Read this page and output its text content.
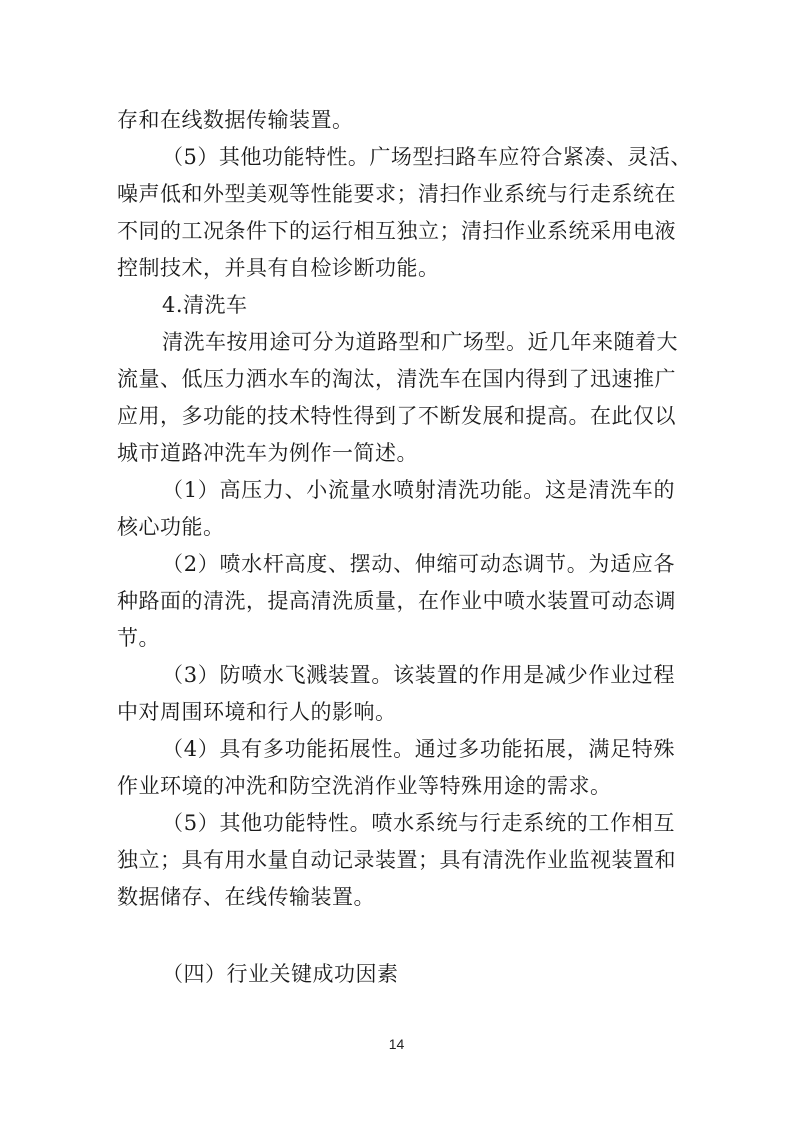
存和在线数据传输装置。
（5）其他功能特性。广场型扫路车应符合紧凑、灵活、
噪声低和外型美观等性能要求；清扫作业系统与行走系统在
不同的工况条件下的运行相互独立；清扫作业系统采用电液
控制技术，并具有自检诊断功能。
4.清洗车
清洗车按用途可分为道路型和广场型。近几年来随着大
流量、低压力洒水车的淘汰，清洗车在国内得到了迅速推广
应用，多功能的技术特性得到了不断发展和提高。在此仅以
城市道路冲洗车为例作一简述。
（1）高压力、小流量水喷射清洗功能。这是清洗车的
核心功能。
（2）喷水杆高度、摆动、伸缩可动态调节。为适应各
种路面的清洗，提高清洗质量，在作业中喷水装置可动态调
节。
（3）防喷水飞溅装置。该装置的作用是减少作业过程
中对周围环境和行人的影响。
（4）具有多功能拓展性。通过多功能拓展，满足特殊
作业环境的冲洗和防空洗消作业等特殊用途的需求。
（5）其他功能特性。喷水系统与行走系统的工作相互
独立；具有用水量自动记录装置；具有清洗作业监视装置和
数据储存、在线传输装置。
（四）行业关键成功因素
14
